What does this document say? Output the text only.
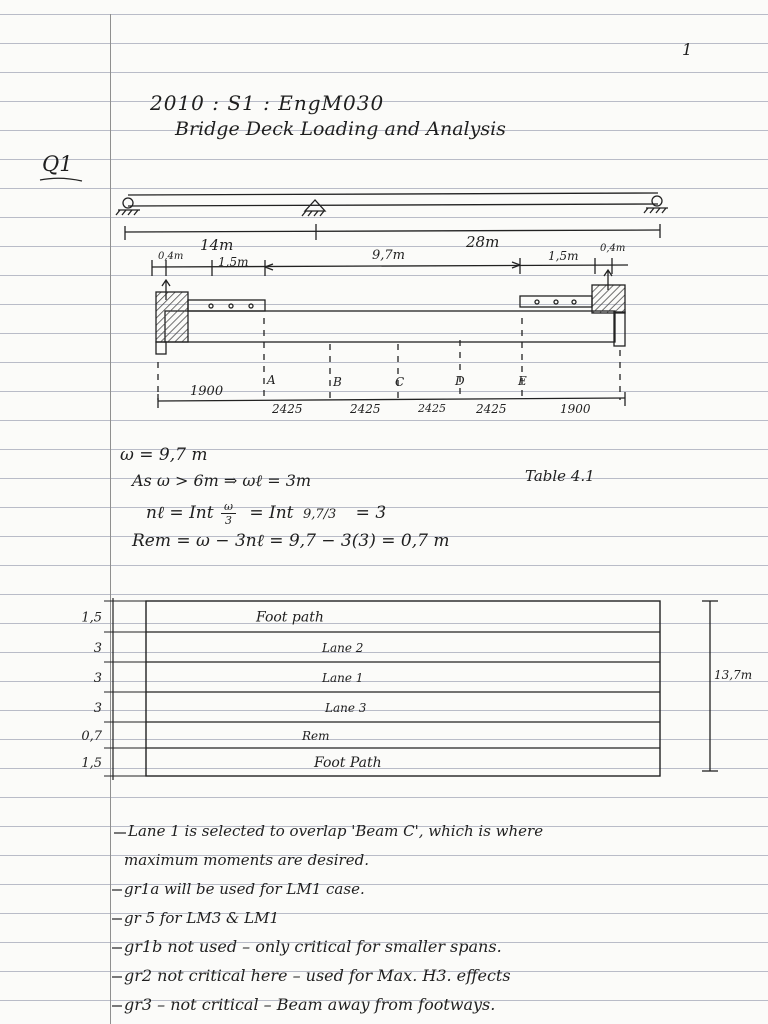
1
2010 : S1 : EngM030
Bridge Deck Loading and Analysis
Q1
14m	28m
0,4m	1,5m	9,7m	1,5m
0,4m
A	B	C	D	E
1900
2425	2425	2425	2425	1900
ω = 9,7 m
As ω > 6m ⇒ ωℓ = 3m	Table 4.1
nℓ = Int $\frac{\omega}{3}$ = Int 9,7/3 = 3
Rem = ω − 3nℓ = 9,7 − 3(3) = 0,7 m
1,5	Foot path
3	Lane 2
3	Lane 1
3	Lane 3
0,7	Rem
1,5	Foot Path
13,7m
Lane 1 is selected to overlap 'Beam C', which is where
maximum moments are desired.
gr1a will be used for LM1 case.
gr 5 for LM3 & LM1
gr1b not used – only critical for smaller spans.
gr2 not critical here – used for Max. H3. effects
gr3 – not critical – Beam away from footways.
